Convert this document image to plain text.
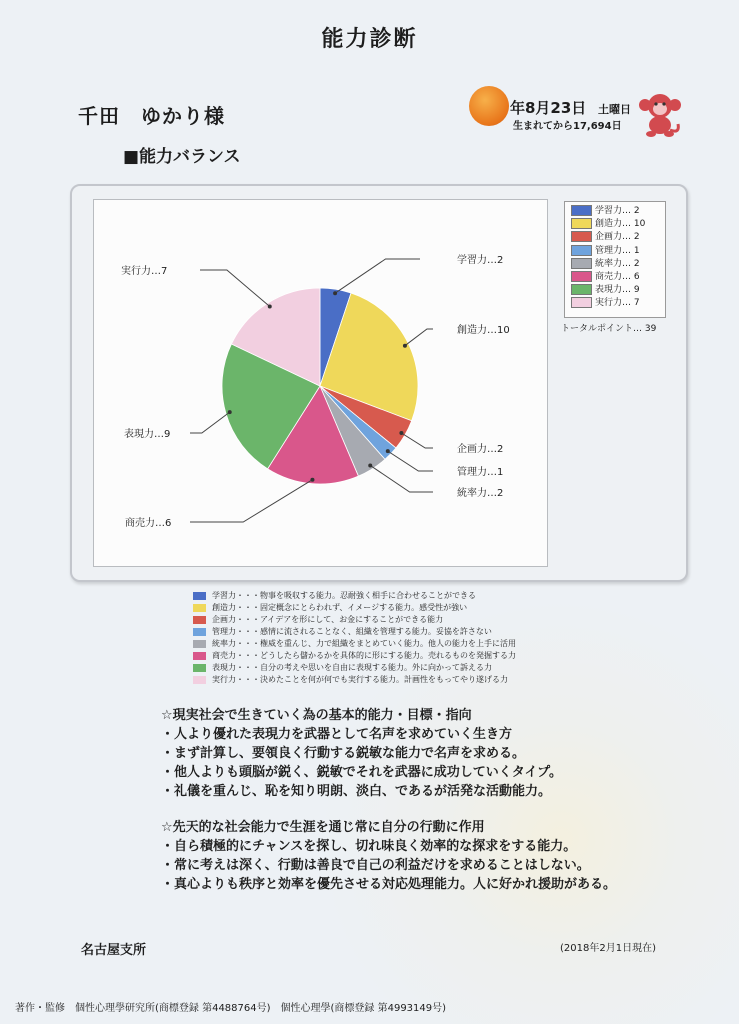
能力診断
千田　ゆかり様	年8月23日 土曜日
生まれてから17,694日
■能力バランス
学習力…2
創造力…10
企画力…2
管理力…1
統率力…2
商売力…6
表現力…9
実行力…7
学習力… 2
創造力… 10
企画力… 2
管理力… 1
統率力… 2
商売力… 6
表現力… 9
実行力… 7
トータルポイント… 39
学習力・・・物事を吸収する能力。忍耐強く相手に合わせることができる
創造力・・・固定概念にとらわれず、イメージする能力。感受性が強い
企画力・・・アイデアを形にして、お金にすることができる能力
管理力・・・感情に流されることなく、組織を管理する能力。妥協を許さない
統率力・・・権威を重んじ、力で組織をまとめていく能力。他人の能力を上手に活用
商売力・・・どうしたら儲かるかを具体的に形にする能力。売れるものを発掘する力
表現力・・・自分の考えや思いを自由に表現する能力。外に向かって訴える力
実行力・・・決めたことを何が何でも実行する能力。計画性をもってやり遂げる力
☆現実社会で生きていく為の基本的能力・目標・指向
・人より優れた表現力を武器として名声を求めていく生き方
・まず計算し、要領良く行動する鋭敏な能力で名声を求める。
・他人よりも頭脳が鋭く、鋭敏でそれを武器に成功していくタイプ。
・礼儀を重んじ、恥を知り明朗、淡白、であるが活発な活動能力。
☆先天的な社会能力で生涯を通じ常に自分の行動に作用
・自ら積極的にチャンスを探し、切れ味良く効率的な探求をする能力。
・常に考えは深く、行動は善良で自己の利益だけを求めることはしない。
・真心よりも秩序と効率を優先させる対応処理能力。人に好かれ援助がある。
名古屋支所	(2018年2月1日現在)
著作・監修　個性心理學研究所(商標登録 第4488764号)　個性心理學(商標登録 第4993149号)
